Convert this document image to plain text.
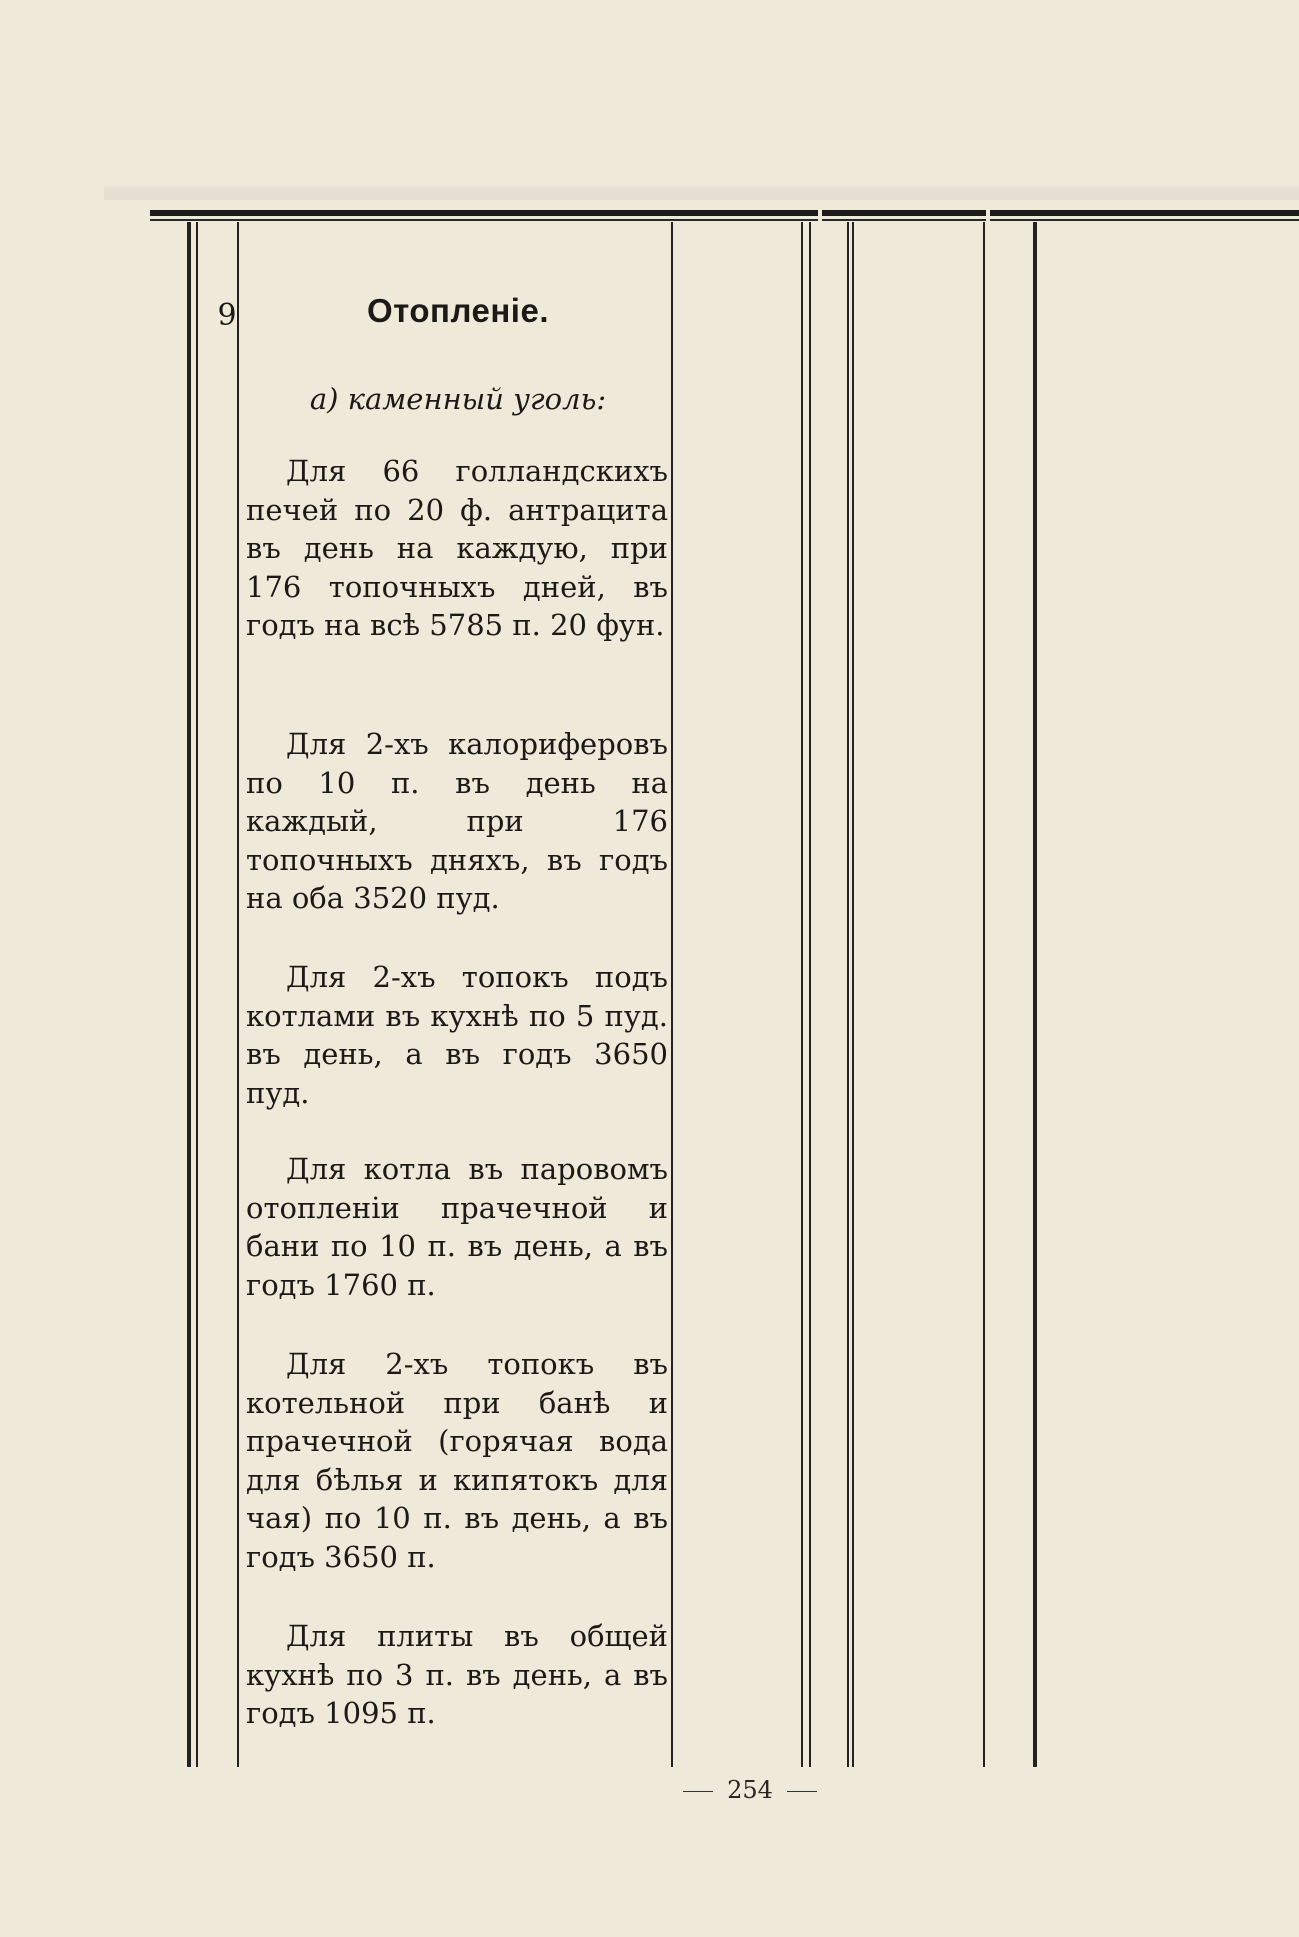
9	Отопленіе.
а) каменный уголь:

Для 66 голландскихъ печей по 20 ф. антрацита въ день на каждую, при 176 топочныхъ дней, въ годъ на всѣ 5785 п. 20 фун.

Для 2-хъ калориферовъ по 10 п. въ день на каждый, при 176 топочныхъ дняхъ, въ годъ на оба 3520 пуд.

Для 2-хъ топокъ подъ котлами въ кухнѣ по 5 пуд. въ день, а въ годъ 3650 пуд.

Для котла въ паровомъ отопленіи прачечной и бани по 10 п. въ день, а въ годъ 1760 п.

Для 2-хъ топокъ въ котельной при банѣ и прачечной (горячая вода для бѣлья и кипятокъ для чая) по 10 п. въ день, а въ годъ 3650 п.

Для плиты въ общей кухнѣ по 3 п. въ день, а въ годъ 1095 п.

254
